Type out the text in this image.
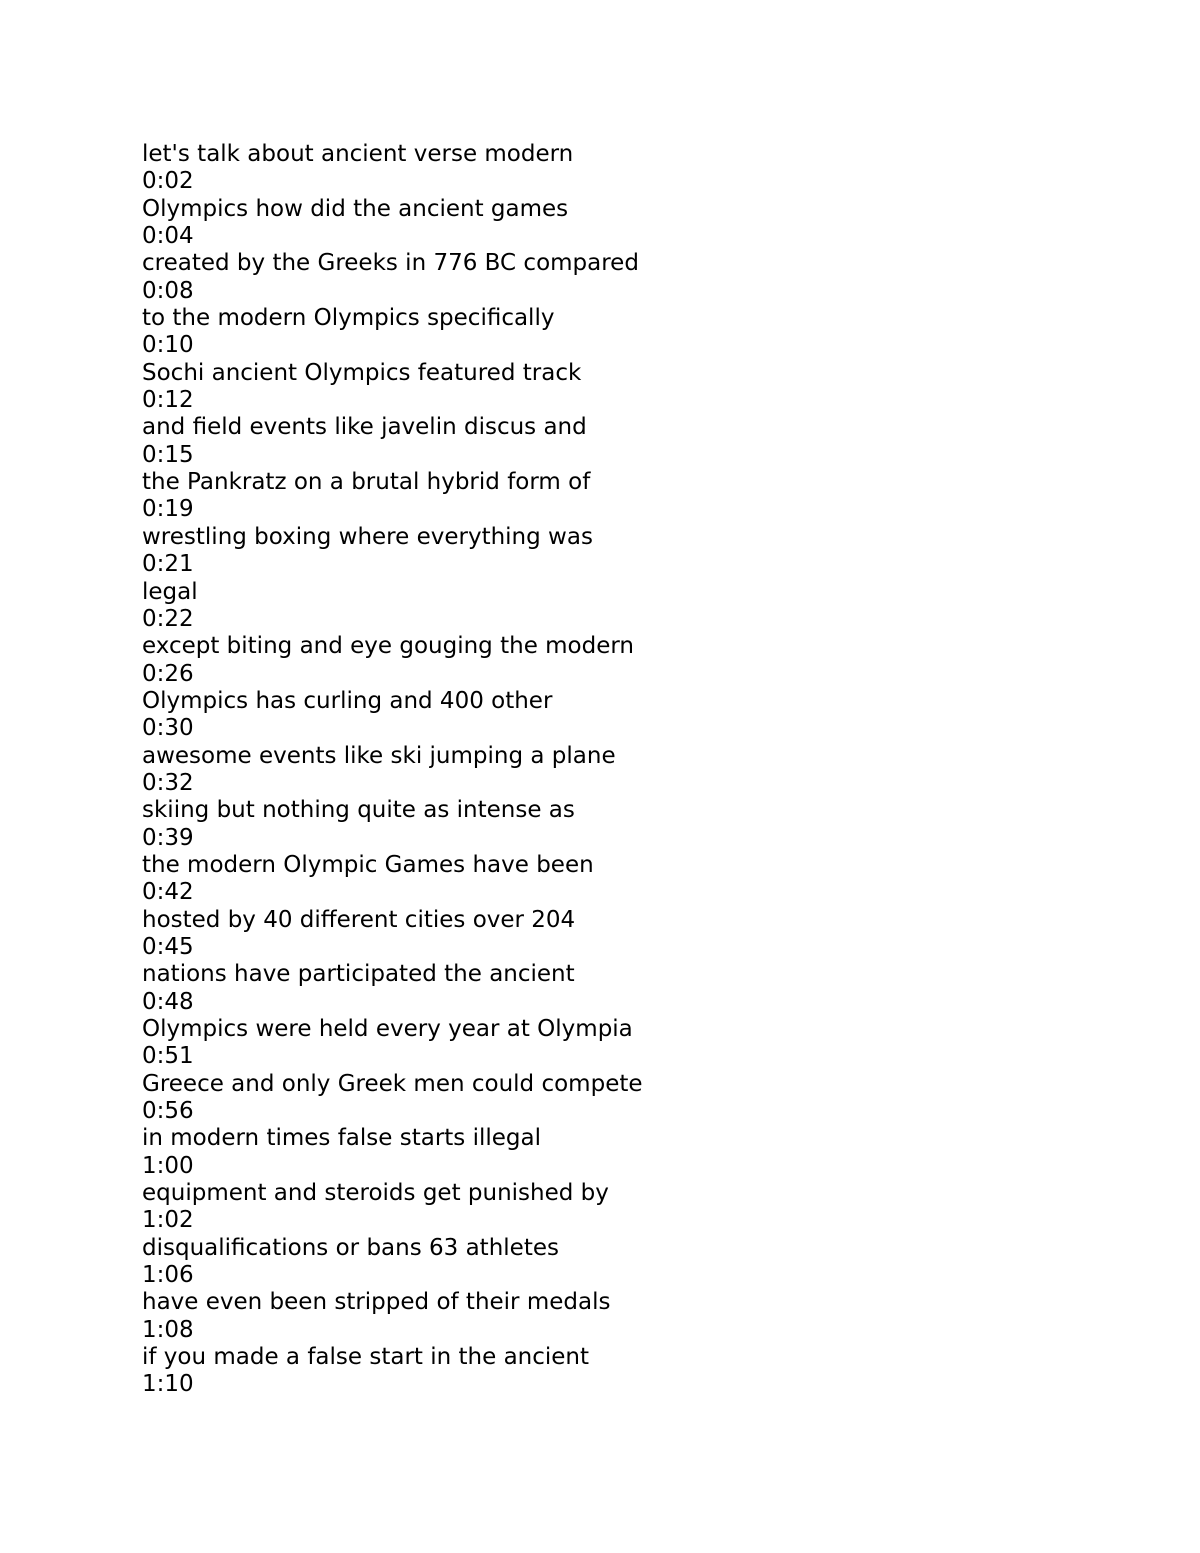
let's talk about ancient verse modern
0:02
Olympics how did the ancient games
0:04
created by the Greeks in 776 BC compared
0:08
to the modern Olympics specifically
0:10
Sochi ancient Olympics featured track
0:12
and field events like javelin discus and
0:15
the Pankratz on a brutal hybrid form of
0:19
wrestling boxing where everything was
0:21
legal
0:22
except biting and eye gouging the modern
0:26
Olympics has curling and 400 other
0:30
awesome events like ski jumping a plane
0:32
skiing but nothing quite as intense as
0:39
the modern Olympic Games have been
0:42
hosted by 40 different cities over 204
0:45
nations have participated the ancient
0:48
Olympics were held every year at Olympia
0:51
Greece and only Greek men could compete
0:56
in modern times false starts illegal
1:00
equipment and steroids get punished by
1:02
disqualifications or bans 63 athletes
1:06
have even been stripped of their medals
1:08
if you made a false start in the ancient
1:10
